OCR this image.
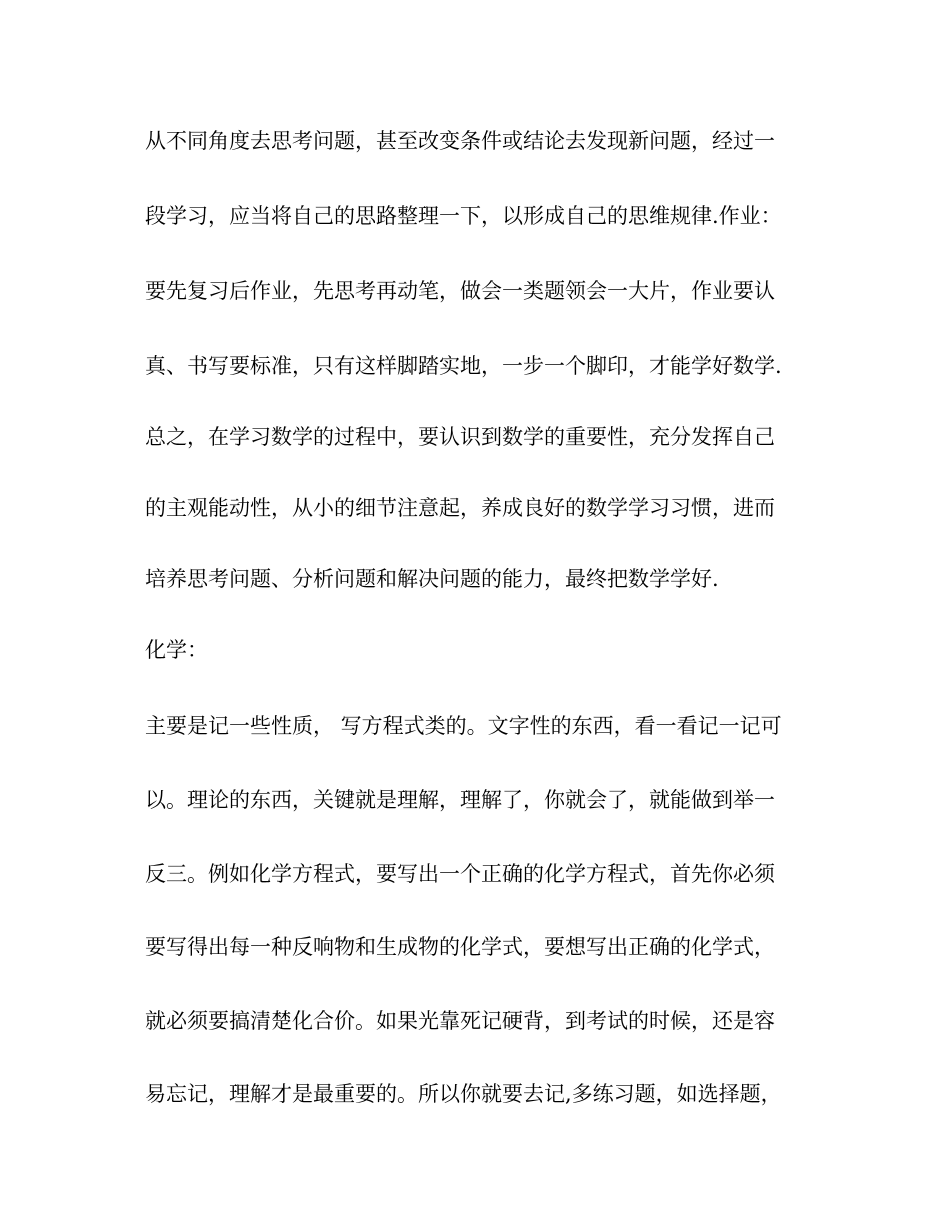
从不同角度去思考问题，甚至改变条件或结论去发现新问题，经过一
段学习，应当将自己的思路整理一下，以形成自己的思维规律.作业：
要先复习后作业，先思考再动笔，做会一类题领会一大片，作业要认
真、书写要标准，只有这样脚踏实地，一步一个脚印，才能学好数学.
总之，在学习数学的过程中，要认识到数学的重要性，充分发挥自己
的主观能动性，从小的细节注意起，养成良好的数学学习习惯，进而
培养思考问题、分析问题和解决问题的能力，最终把数学学好.
化学：
主要是记一些性质， 写方程式类的。文字性的东西，看一看记一记可
以。理论的东西，关键就是理解，理解了，你就会了，就能做到举一
反三。例如化学方程式，要写出一个正确的化学方程式，首先你必须
要写得出每一种反响物和生成物的化学式，要想写出正确的化学式，
就必须要搞清楚化合价。如果光靠死记硬背，到考试的时候，还是容
易忘记，理解才是最重要的。所以你就要去记,多练习题，如选择题，
